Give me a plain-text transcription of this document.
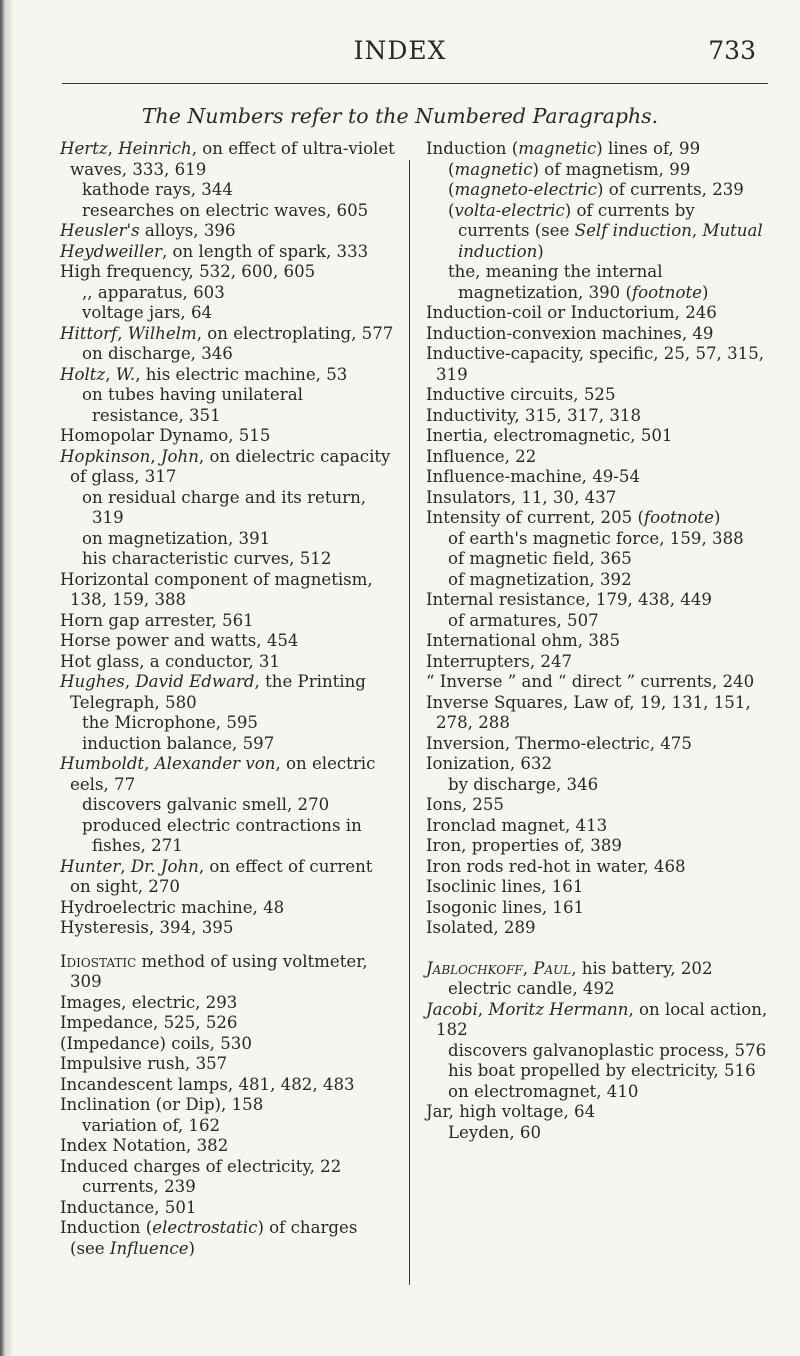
INDEX	733
The Numbers refer to the Numbered Paragraphs.

Hertz, Heinrich, on effect of ultra-violet waves, 333, 619

kathode rays, 344

researches on electric waves, 605

Heusler's alloys, 396

Heydweiller, on length of spark, 333

High frequency, 532, 600, 605

,, apparatus, 603

voltage jars, 64

Hittorf, Wilhelm, on electroplating, 577

on discharge, 346

Holtz, W., his electric machine, 53

on tubes having unilateral resistance, 351

Homopolar Dynamo, 515

Hopkinson, John, on dielectric capacity of glass, 317

on residual charge and its return, 319

on magnetization, 391

his characteristic curves, 512

Horizontal component of magnetism, 138, 159, 388

Horn gap arrester, 561

Horse power and watts, 454

Hot glass, a conductor, 31

Hughes, David Edward, the Printing Telegraph, 580

the Microphone, 595

induction balance, 597

Humboldt, Alexander von, on electric eels, 77

discovers galvanic smell, 270

produced electric contractions in fishes, 271

Hunter, Dr. John, on effect of current on sight, 270

Hydroelectric machine, 48

Hysteresis, 394, 395

Idiostatic method of using voltmeter, 309

Images, electric, 293

Impedance, 525, 526

(Impedance) coils, 530

Impulsive rush, 357

Incandescent lamps, 481, 482, 483

Inclination (or Dip), 158

variation of, 162

Index Notation, 382

Induced charges of electricity, 22

currents, 239

Inductance, 501

Induction (electrostatic) of charges (see Influence)

Induction (magnetic) lines of, 99

(magnetic) of magnetism, 99

(magneto-electric) of currents, 239

(volta-electric) of currents by currents (see Self induction, Mutual induction)

the, meaning the internal magnetization, 390 (footnote)

Induction-coil or Inductorium, 246

Induction-convexion machines, 49

Inductive-capacity, specific, 25, 57, 315, 319

Inductive circuits, 525

Inductivity, 315, 317, 318

Inertia, electromagnetic, 501

Influence, 22

Influence-machine, 49-54

Insulators, 11, 30, 437

Intensity of current, 205 (footnote)

of earth's magnetic force, 159, 388

of magnetic field, 365

of magnetization, 392

Internal resistance, 179, 438, 449

of armatures, 507

International ohm, 385

Interrupters, 247

“ Inverse ” and “ direct ” currents, 240

Inverse Squares, Law of, 19, 131, 151, 278, 288

Inversion, Thermo-electric, 475

Ionization, 632

by discharge, 346

Ions, 255

Ironclad magnet, 413

Iron, properties of, 389

Iron rods red-hot in water, 468

Isoclinic lines, 161

Isogonic lines, 161

Isolated, 289

Jablochkoff, Paul, his battery, 202

electric candle, 492

Jacobi, Moritz Hermann, on local action, 182

discovers galvanoplastic process, 576

his boat propelled by electricity, 516

on electromagnet, 410

Jar, high voltage, 64

Leyden, 60
